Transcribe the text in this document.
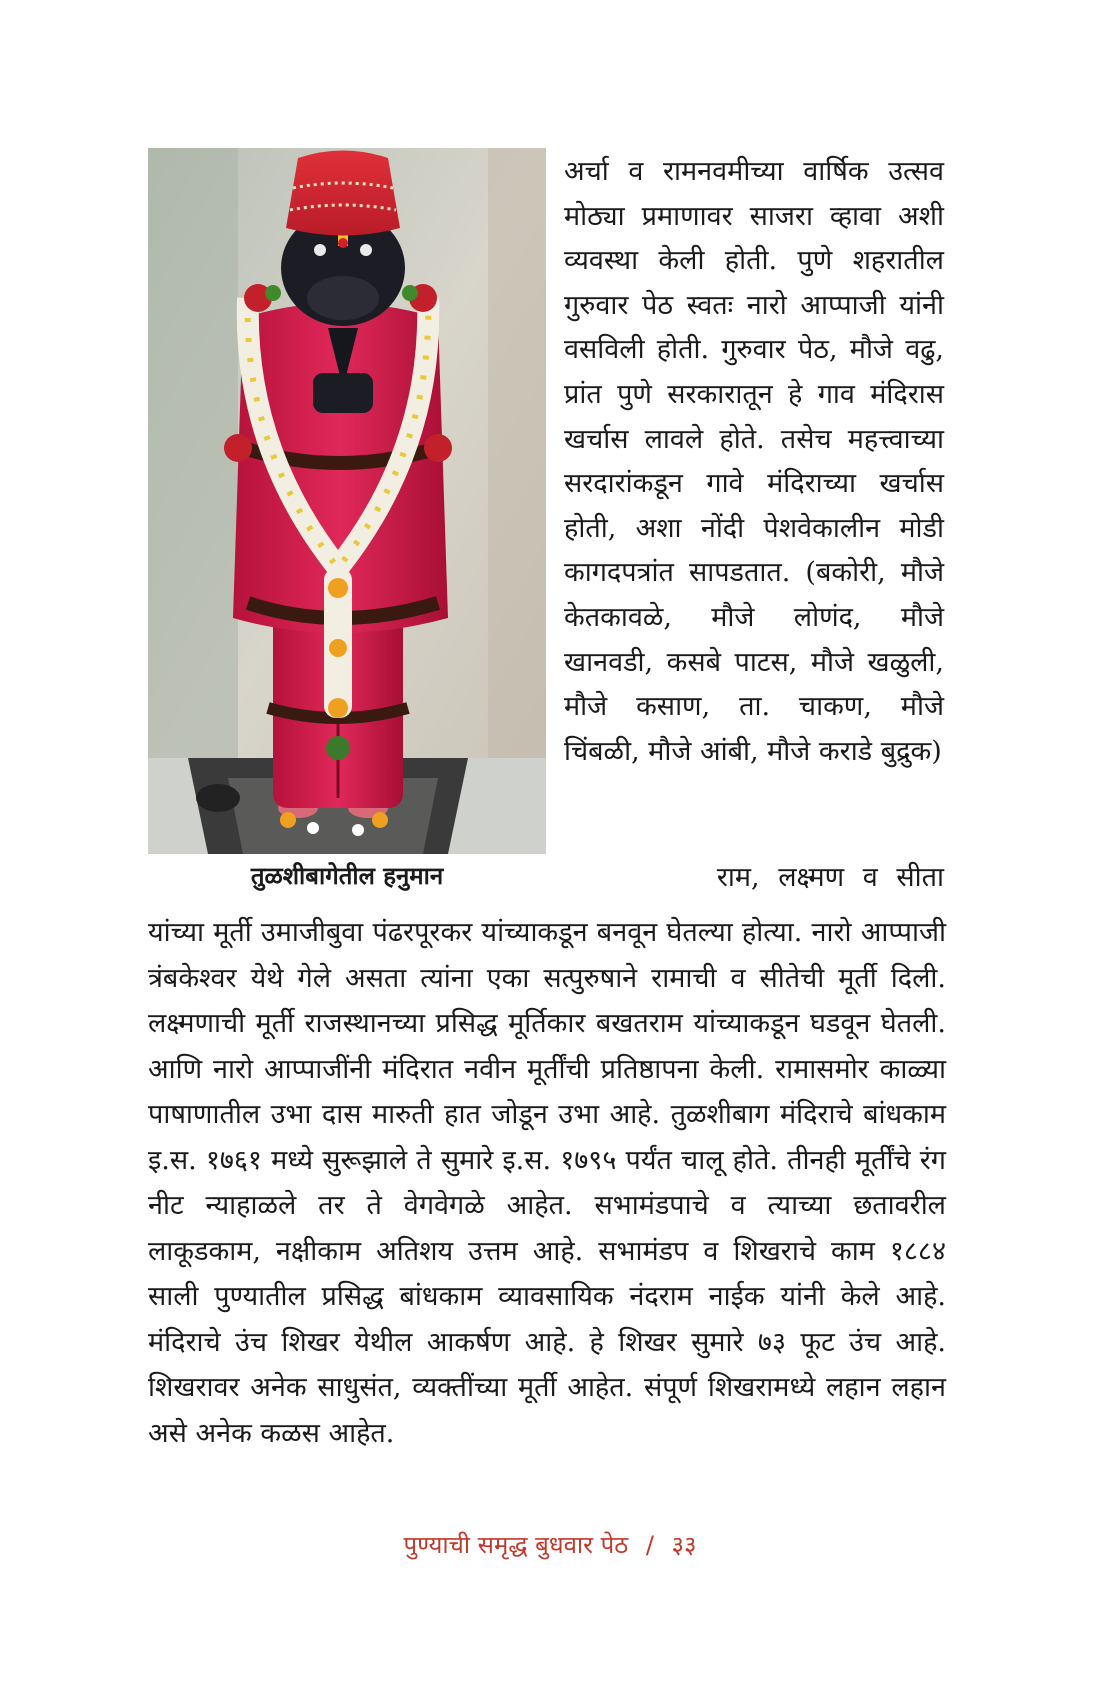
तुळशीबागेतील हनुमान

अर्चा व रामनवमीच्या वार्षिक उत्सव मोठ्या प्रमाणावर साजरा व्हावा अशी व्यवस्था केली होती. पुणे शहरातील गुरुवार पेठ स्वतः नारो आप्पाजी यांनी वसविली होती. गुरुवार पेठ, मौजे वढु, प्रांत पुणे सरकारातून हे गाव मंदिरास खर्चास लावले होते. तसेच महत्त्वाच्या सरदारांकडून गावे मंदिराच्या खर्चास होती, अशा नोंदी पेशवेकालीन मोडी कागदपत्रांत सापडतात. (बकोरी, मौजे केतकावळे, मौजे लोणंद, मौजे खानवडी, कसबे पाटस, मौजे खळुली, मौजे कसाण, ता. चाकण, मौजे चिंबळी, मौजे आंबी, मौजे कराडे बुद्रुक)

राम, लक्ष्मण व सीता

यांच्या मूर्ती उमाजीबुवा पंढरपूरकर यांच्याकडून बनवून घेतल्या होत्या. नारो आप्पाजी त्रंबकेश्वर येथे गेले असता त्यांना एका सत्पुरुषाने रामाची व सीतेची मूर्ती दिली. लक्ष्मणाची मूर्ती राजस्थानच्या प्रसिद्ध मूर्तिकार बखतराम यांच्याकडून घडवून घेतली. आणि नारो आप्पाजींनी मंदिरात नवीन मूर्तींची प्रतिष्ठापना केली. रामासमोर काळ्या पाषाणातील उभा दास मारुती हात जोडून उभा आहे. तुळशीबाग मंदिराचे बांधकाम इ.स. १७६१ मध्ये सुरूझाले ते सुमारे इ.स. १७९५ पर्यंत चालू होते. तीनही मूर्तींचे रंग नीट न्याहाळले तर ते वेगवेगळे आहेत. सभामंडपाचे व त्याच्या छतावरील लाकूडकाम, नक्षीकाम अतिशय उत्तम आहे. सभामंडप व शिखराचे काम १८८४ साली पुण्यातील प्रसिद्ध बांधकाम व्यावसायिक नंदराम नाईक यांनी केले आहे. मंदिराचे उंच शिखर येथील आकर्षण आहे. हे शिखर सुमारे ७३ फूट उंच आहे. शिखरावर अनेक साधुसंत, व्यक्तींच्या मूर्ती आहेत. संपूर्ण शिखरामध्ये लहान लहान असे अनेक कळस आहेत.

पुण्याची समृद्ध बुधवार पेठ / ३३
